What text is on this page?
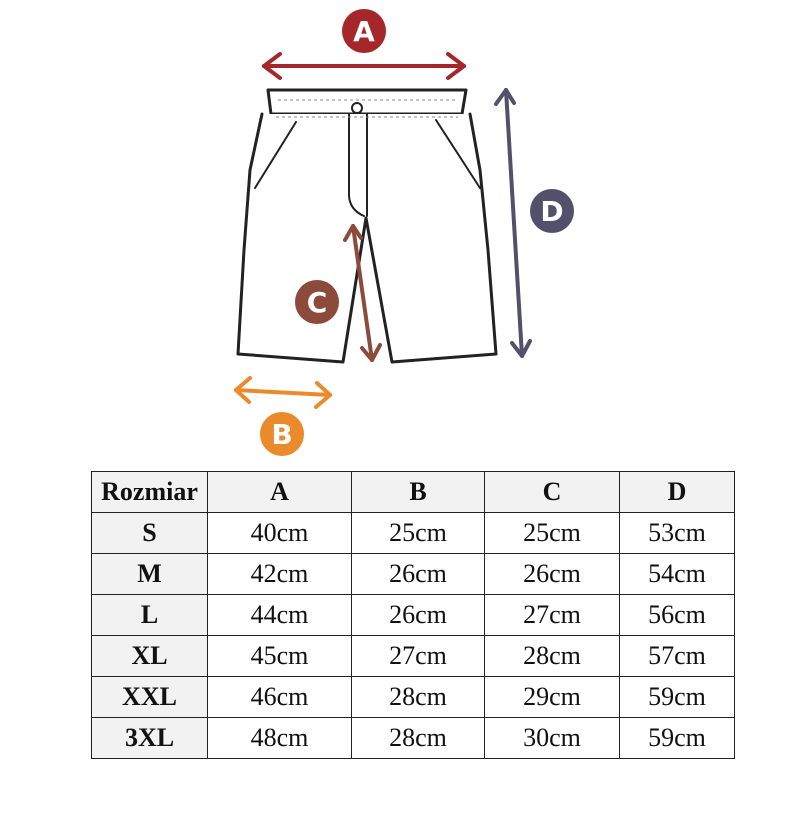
A
B
C
D
Rozmiar	A	B	C	D
S	40cm	25cm	25cm	53cm
M	42cm	26cm	26cm	54cm
L	44cm	26cm	27cm	56cm
XL	45cm	27cm	28cm	57cm
XXL	46cm	28cm	29cm	59cm
3XL	48cm	28cm	30cm	59cm
